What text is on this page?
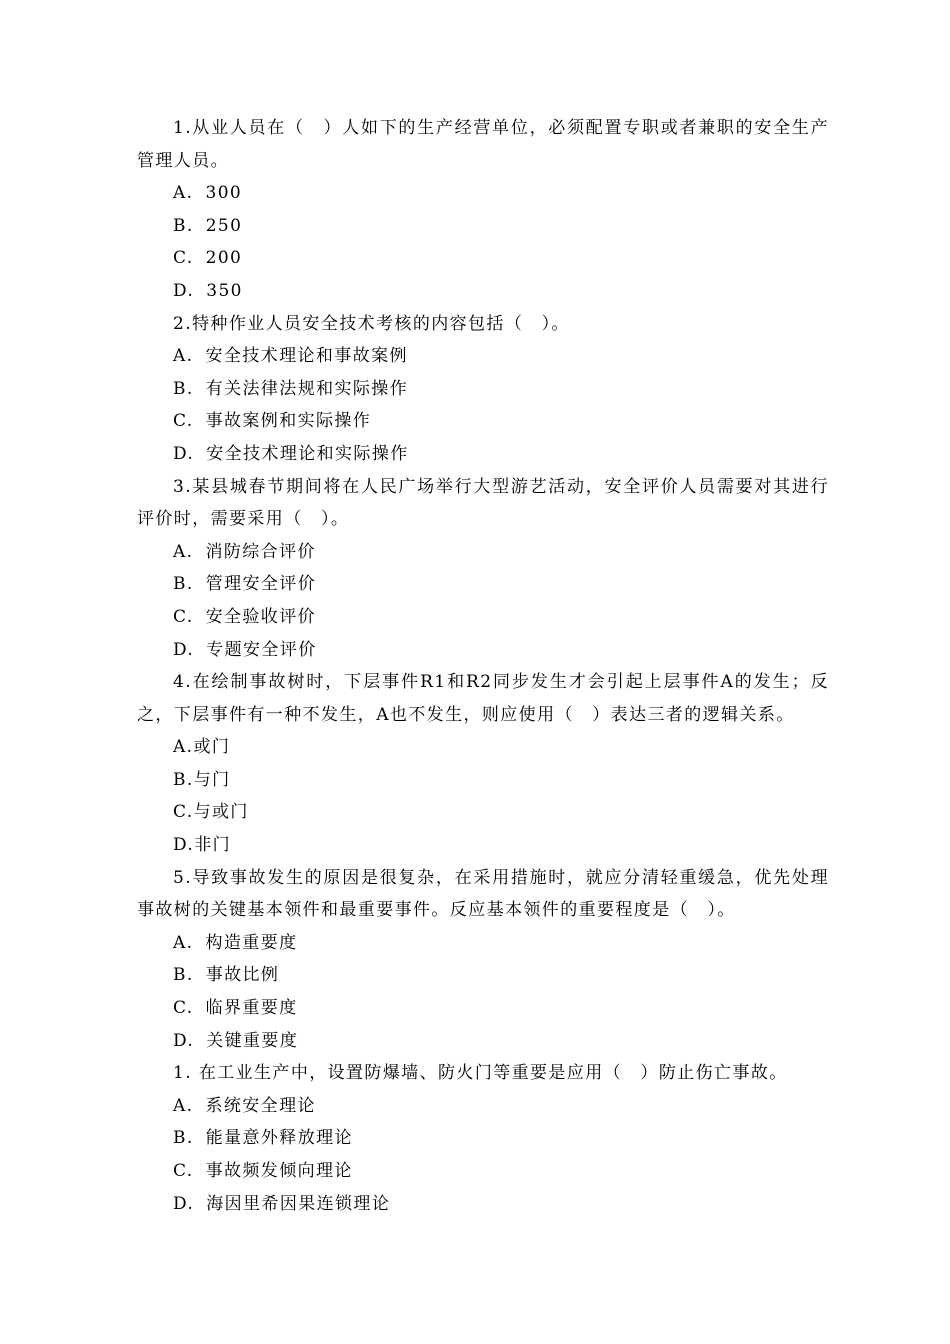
1.从业人员在（　）人如下的生产经营单位，必须配置专职或者兼职的安全生产管理人员。

A. 300

B. 250

C. 200

D. 350

2.特种作业人员安全技术考核的内容包括（　）。

A. 安全技术理论和事故案例

B. 有关法律法规和实际操作

C. 事故案例和实际操作

D. 安全技术理论和实际操作

3.某县城春节期间将在人民广场举行大型游艺活动，安全评价人员需要对其进行评价时，需要采用（　）。

A. 消防综合评价

B. 管理安全评价

C. 安全验收评价

D. 专题安全评价

4.在绘制事故树时，下层事件R1和R2同步发生才会引起上层事件A的发生；反之，下层事件有一种不发生，A也不发生，则应使用（　）表达三者的逻辑关系。

A.或门

B.与门

C.与或门

D.非门

5.导致事故发生的原因是很复杂，在采用措施时，就应分清轻重缓急，优先处理事故树的关键基本领件和最重要事件。反应基本领件的重要程度是（　）。

A. 构造重要度

B. 事故比例

C. 临界重要度

D. 关键重要度

1. 在工业生产中，设置防爆墙、防火门等重要是应用（　）防止伤亡事故。

A. 系统安全理论

B. 能量意外释放理论

C. 事故频发倾向理论

D. 海因里希因果连锁理论
